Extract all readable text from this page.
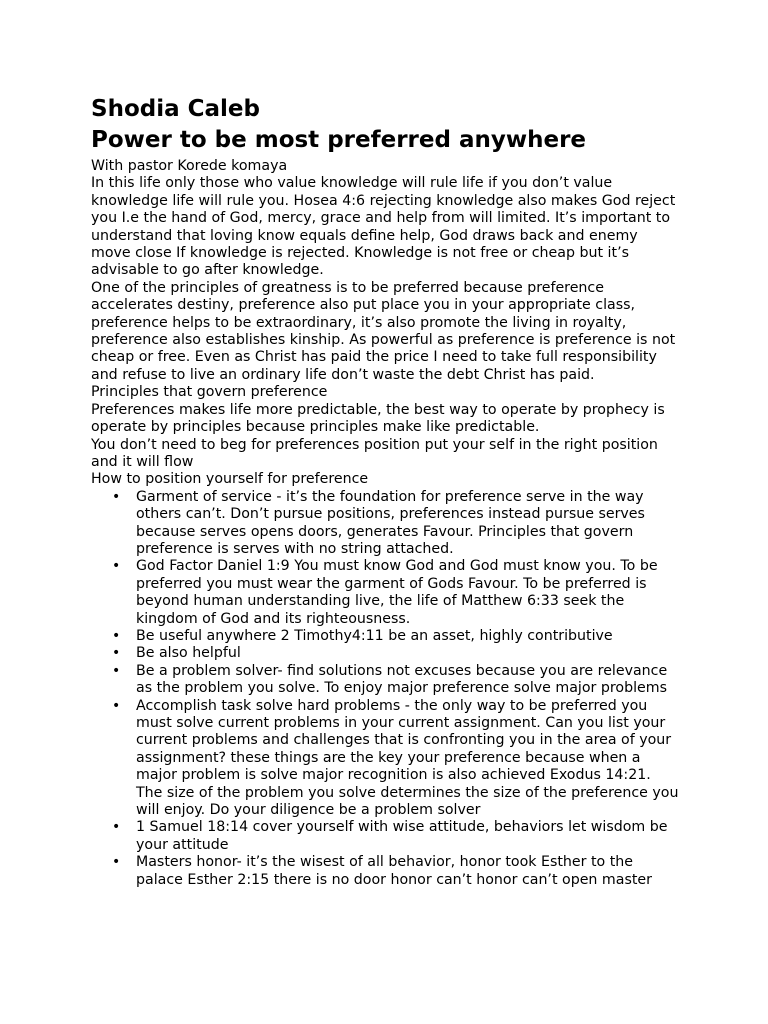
Shodia Caleb
Power to be most preferred anywhere

With pastor Korede komaya

In this life only those who value knowledge will rule life if you don’t value knowledge life will rule you. Hosea 4:6 rejecting knowledge also makes God reject you I.e the hand of God, mercy, grace and help from will limited. It’s important to understand that loving know equals define help, God draws back and enemy move close If knowledge is rejected. Knowledge is not free or cheap but it’s advisable to go after knowledge.

One of the principles of greatness is to be preferred because preference accelerates destiny, preference also put place you in your appropriate class, preference helps to be extraordinary, it’s also promote the living in royalty, preference also establishes kinship. As powerful as preference is preference is not cheap or free. Even as Christ has paid the price I need to take full responsibility and refuse to live an ordinary life don’t waste the debt Christ has paid.

Principles that govern preference

Preferences makes life more predictable, the best way to operate by prophecy is operate by principles because principles make like predictable.

You don’t need to beg for preferences position put your self in the right position and it will flow

How to position yourself for preference

• Garment of service - it’s the foundation for preference serve in the way others can’t. Don’t pursue positions, preferences instead pursue serves because serves opens doors, generates Favour. Principles that govern preference is serves with no string attached.
• God Factor Daniel 1:9 You must know God and God must know you. To be preferred you must wear the garment of Gods Favour. To be preferred is beyond human understanding live, the life of Matthew 6:33 seek the kingdom of God and its righteousness.
• Be useful anywhere 2 Timothy4:11 be an asset, highly contributive
• Be also helpful
• Be a problem solver- find solutions not excuses because you are relevance as the problem you solve. To enjoy major preference solve major problems
• Accomplish task solve hard problems - the only way to be preferred you must solve current problems in your current assignment. Can you list your current problems and challenges that is confronting you in the area of your assignment? these things are the key your preference because when a major problem is solve major recognition is also achieved Exodus 14:21. The size of the problem you solve determines the size of the preference you will enjoy. Do your diligence be a problem solver
• 1 Samuel 18:14 cover yourself with wise attitude, behaviors let wisdom be your attitude
• Masters honor- it’s the wisest of all behavior, honor took Esther to the palace Esther 2:15 there is no door honor can’t honor can’t open master
